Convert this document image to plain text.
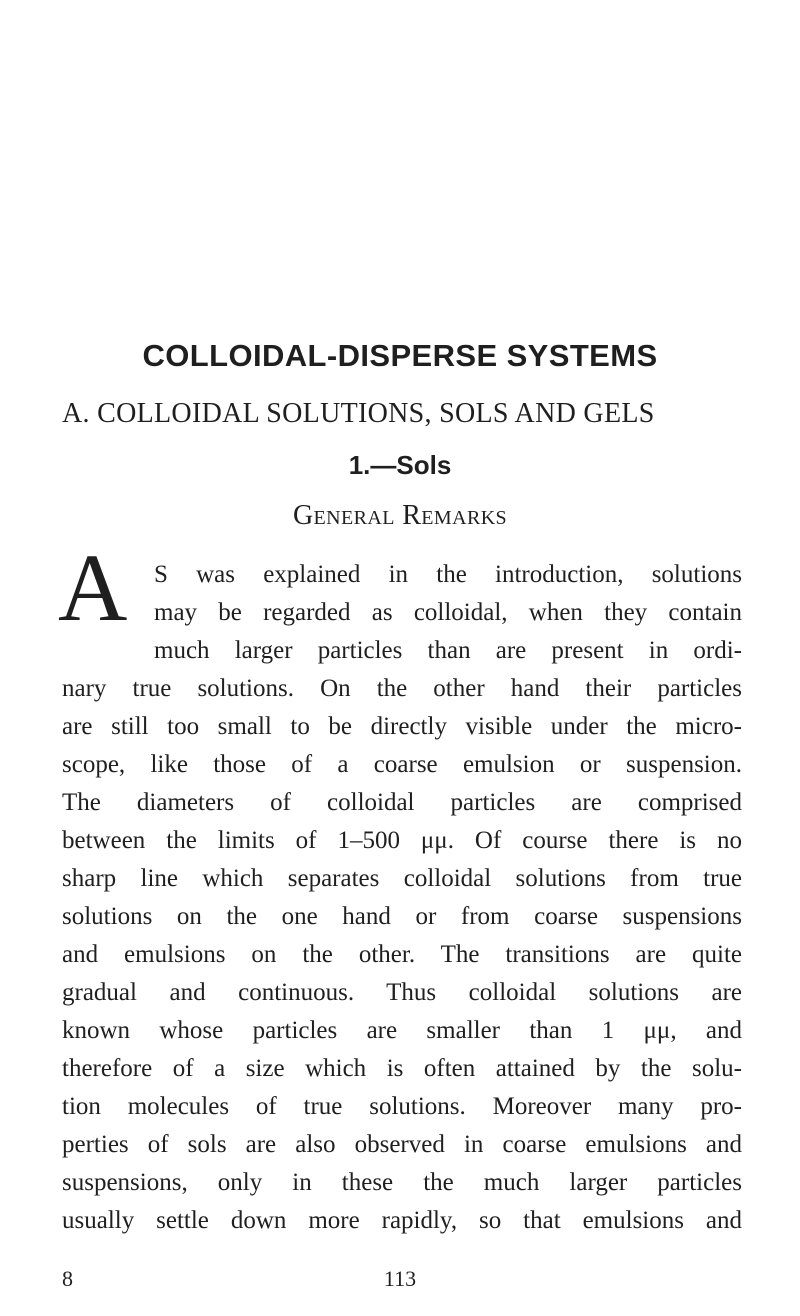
COLLOIDAL-DISPERSE SYSTEMS
A. COLLOIDAL SOLUTIONS, SOLS AND GELS
1.—Sols
General Remarks
A	S was explained in the introduction, solutions
may be regarded as colloidal, when they contain
much larger particles than are present in ordi-
nary true solutions. On the other hand their particles
are still too small to be directly visible under the micro-
scope, like those of a coarse emulsion or suspension.
The diameters of colloidal particles are comprised
between the limits of 1–500 μμ. Of course there is no
sharp line which separates colloidal solutions from true
solutions on the one hand or from coarse suspensions
and emulsions on the other. The transitions are quite
gradual and continuous. Thus colloidal solutions are
known whose particles are smaller than 1 μμ, and
therefore of a size which is often attained by the solu-
tion molecules of true solutions. Moreover many pro-
perties of sols are also observed in coarse emulsions and
suspensions, only in these the much larger particles
usually settle down more rapidly, so that emulsions and
8	113
